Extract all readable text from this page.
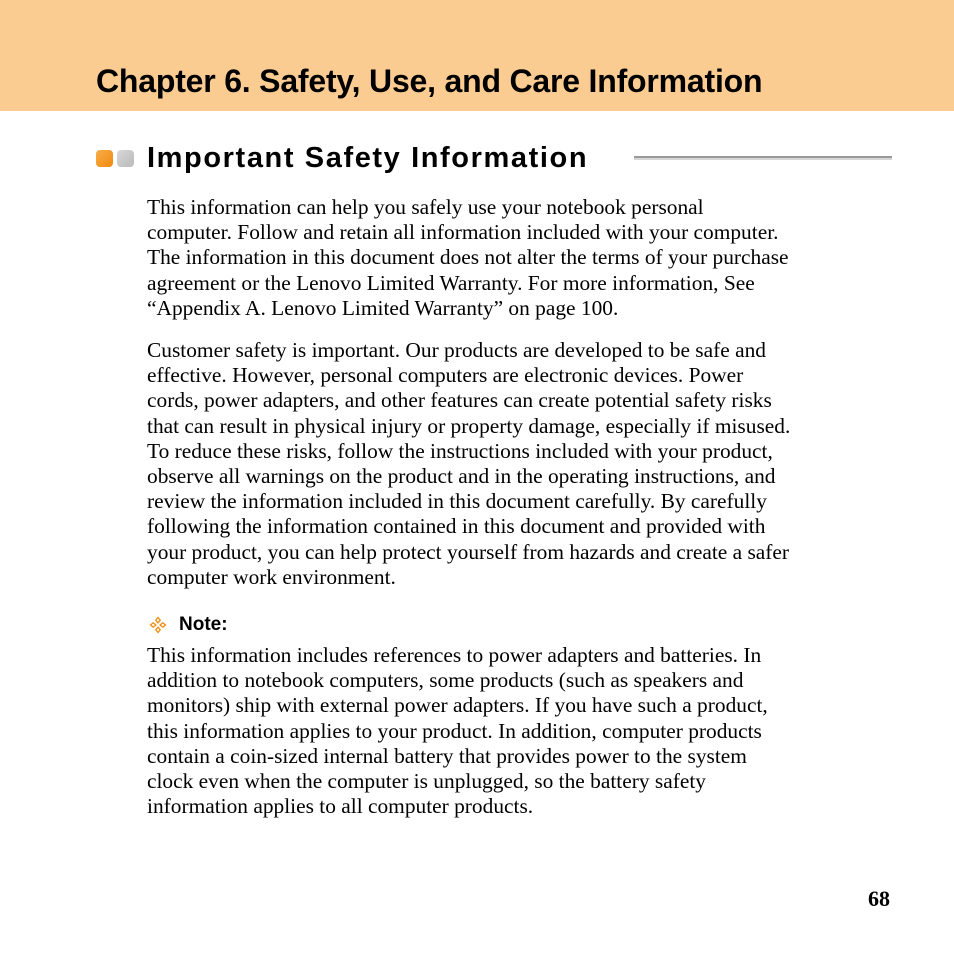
Chapter 6. Safety, Use, and Care Information
Important Safety Information

This information can help you safely use your notebook personal
computer. Follow and retain all information included with your computer.
The information in this document does not alter the terms of your purchase
agreement or the Lenovo Limited Warranty. For more information, See
“Appendix A. Lenovo Limited Warranty” on page 100.

Customer safety is important. Our products are developed to be safe and
effective. However, personal computers are electronic devices. Power
cords, power adapters, and other features can create potential safety risks
that can result in physical injury or property damage, especially if misused.
To reduce these risks, follow the instructions included with your product,
observe all warnings on the product and in the operating instructions, and
review the information included in this document carefully. By carefully
following the information contained in this document and provided with
your product, you can help protect yourself from hazards and create a safer
computer work environment.

Note:

This information includes references to power adapters and batteries. In
addition to notebook computers, some products (such as speakers and
monitors) ship with external power adapters. If you have such a product,
this information applies to your product. In addition, computer products
contain a coin-sized internal battery that provides power to the system
clock even when the computer is unplugged, so the battery safety
information applies to all computer products.

68
